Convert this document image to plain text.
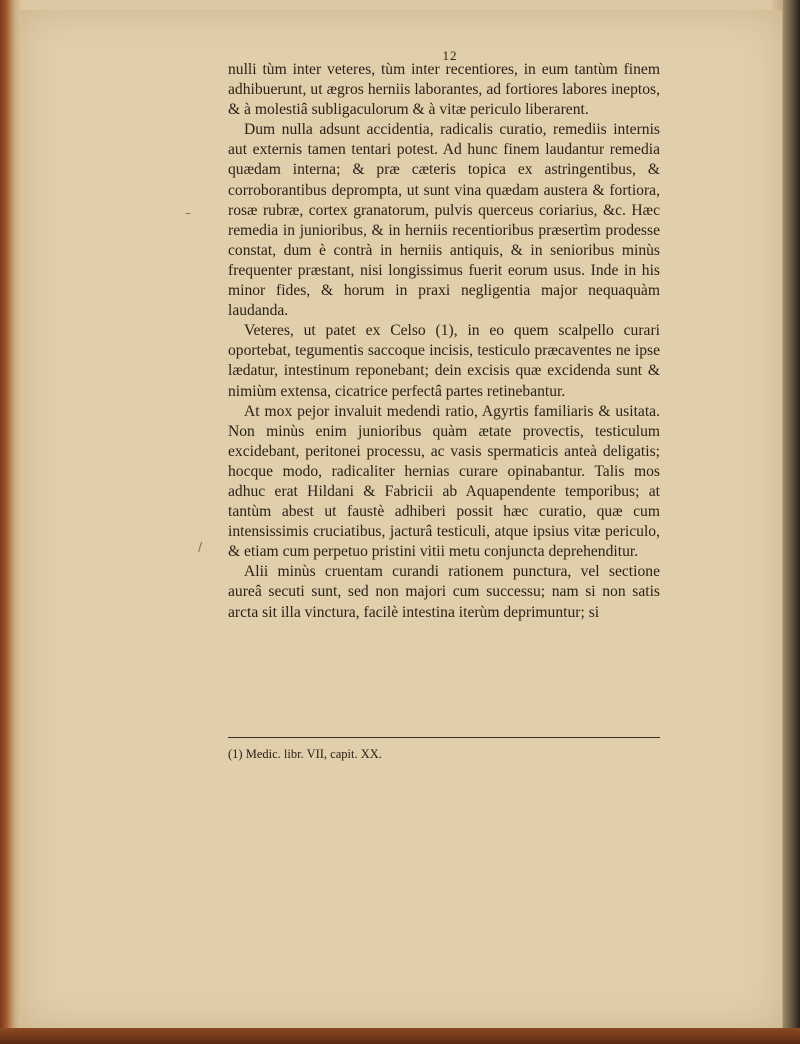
–
/
12

nulli tùm inter veteres, tùm inter recentiores, in eum tantùm finem adhibuerunt, ut ægros herniis laborantes, ad fortiores labores ineptos, & à molestiâ subligaculorum & à vitæ periculo liberarent.

Dum nulla adsunt accidentia, radicalis curatio, remediis internis aut externis tamen tentari potest. Ad hunc finem laudantur remedia quædam interna; & præ cæteris topica ex astringentibus, & corroborantibus deprompta, ut sunt vina quædam austera & fortiora, rosæ rubræ, cortex granatorum, pulvis querceus coriarius, &c. Hæc remedia in junioribus, & in herniis recentioribus præsertìm prodesse constat, dum è contrà in herniis antiquis, & in senioribus minùs frequenter præstant, nisi longissimus fuerit eorum usus. Inde in his minor fides, & horum in praxi negligentia major nequaquàm laudanda.

Veteres, ut patet ex Celso (1), in eo quem scalpello curari oportebat, tegumentis saccoque incisis, testiculo præcaventes ne ipse lædatur, intestinum reponebant; dein excisis quæ excidenda sunt & nimiùm extensa, cicatrice perfectâ partes retinebantur.

At mox pejor invaluit medendi ratio, Agyrtis familiaris & usitata. Non minùs enim junioribus quàm ætate provectis, testiculum excidebant, peritonei processu, ac vasis spermaticis anteà deligatis; hocque modo, radicaliter hernias curare opinabantur. Talis mos adhuc erat Hildani & Fabricii ab Aquapendente temporibus; at tantùm abest ut faustè adhiberi possit hæc curatio, quæ cum intensissimis cruciatibus, jacturâ testiculi, atque ipsius vitæ periculo, & etiam cum perpetuo pristini vitii metu conjuncta deprehenditur.

Alii minùs cruentam curandi rationem punctura, vel sectione aureâ secuti sunt, sed non majori cum successu; nam si non satis arcta sit illa vinctura, facilè intestina iterùm deprimuntur; si

(1) Medic. libr. VII, capit. XX.
